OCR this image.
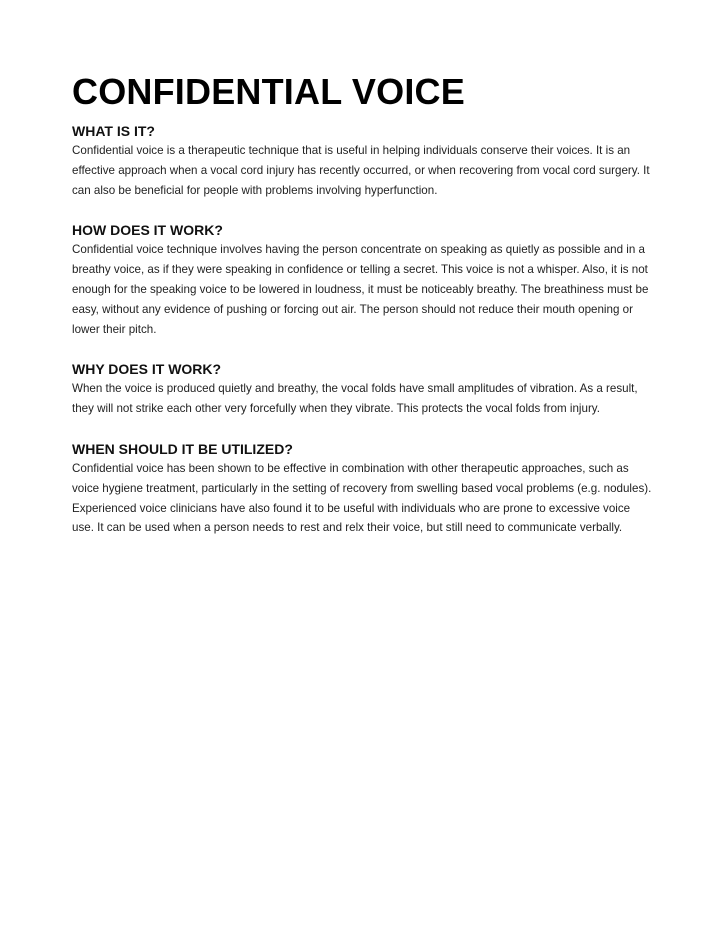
CONFIDENTIAL VOICE
WHAT IS IT?

Confidential voice is a therapeutic technique that is useful in helping individuals conserve their voices. It is an effective approach when a vocal cord injury has recently occurred, or when recovering from vocal cord surgery. It can also be beneficial for people with problems involving hyperfunction.

HOW DOES IT WORK?

Confidential voice technique involves having the person concentrate on speaking as quietly as possible and in a breathy voice, as if they were speaking in confidence or telling a secret. This voice is not a whisper. Also, it is not enough for the speaking voice to be lowered in loudness, it must be noticeably breathy. The breathiness must be easy, without any evidence of pushing or forcing out air. The person should not reduce their mouth opening or lower their pitch.

WHY DOES IT WORK?

When the voice is produced quietly and breathy, the vocal folds have small amplitudes of vibration. As a result, they will not strike each other very forcefully when they vibrate. This protects the vocal folds from injury.

WHEN SHOULD IT BE UTILIZED?

Confidential voice has been shown to be effective in combination with other therapeutic approaches, such as voice hygiene treatment, particularly in the setting of recovery from swelling based vocal problems (e.g. nodules). Experienced voice clinicians have also found it to be useful with individuals who are prone to excessive voice use. It can be used when a person needs to rest and relx their voice, but still need to communicate verbally.
